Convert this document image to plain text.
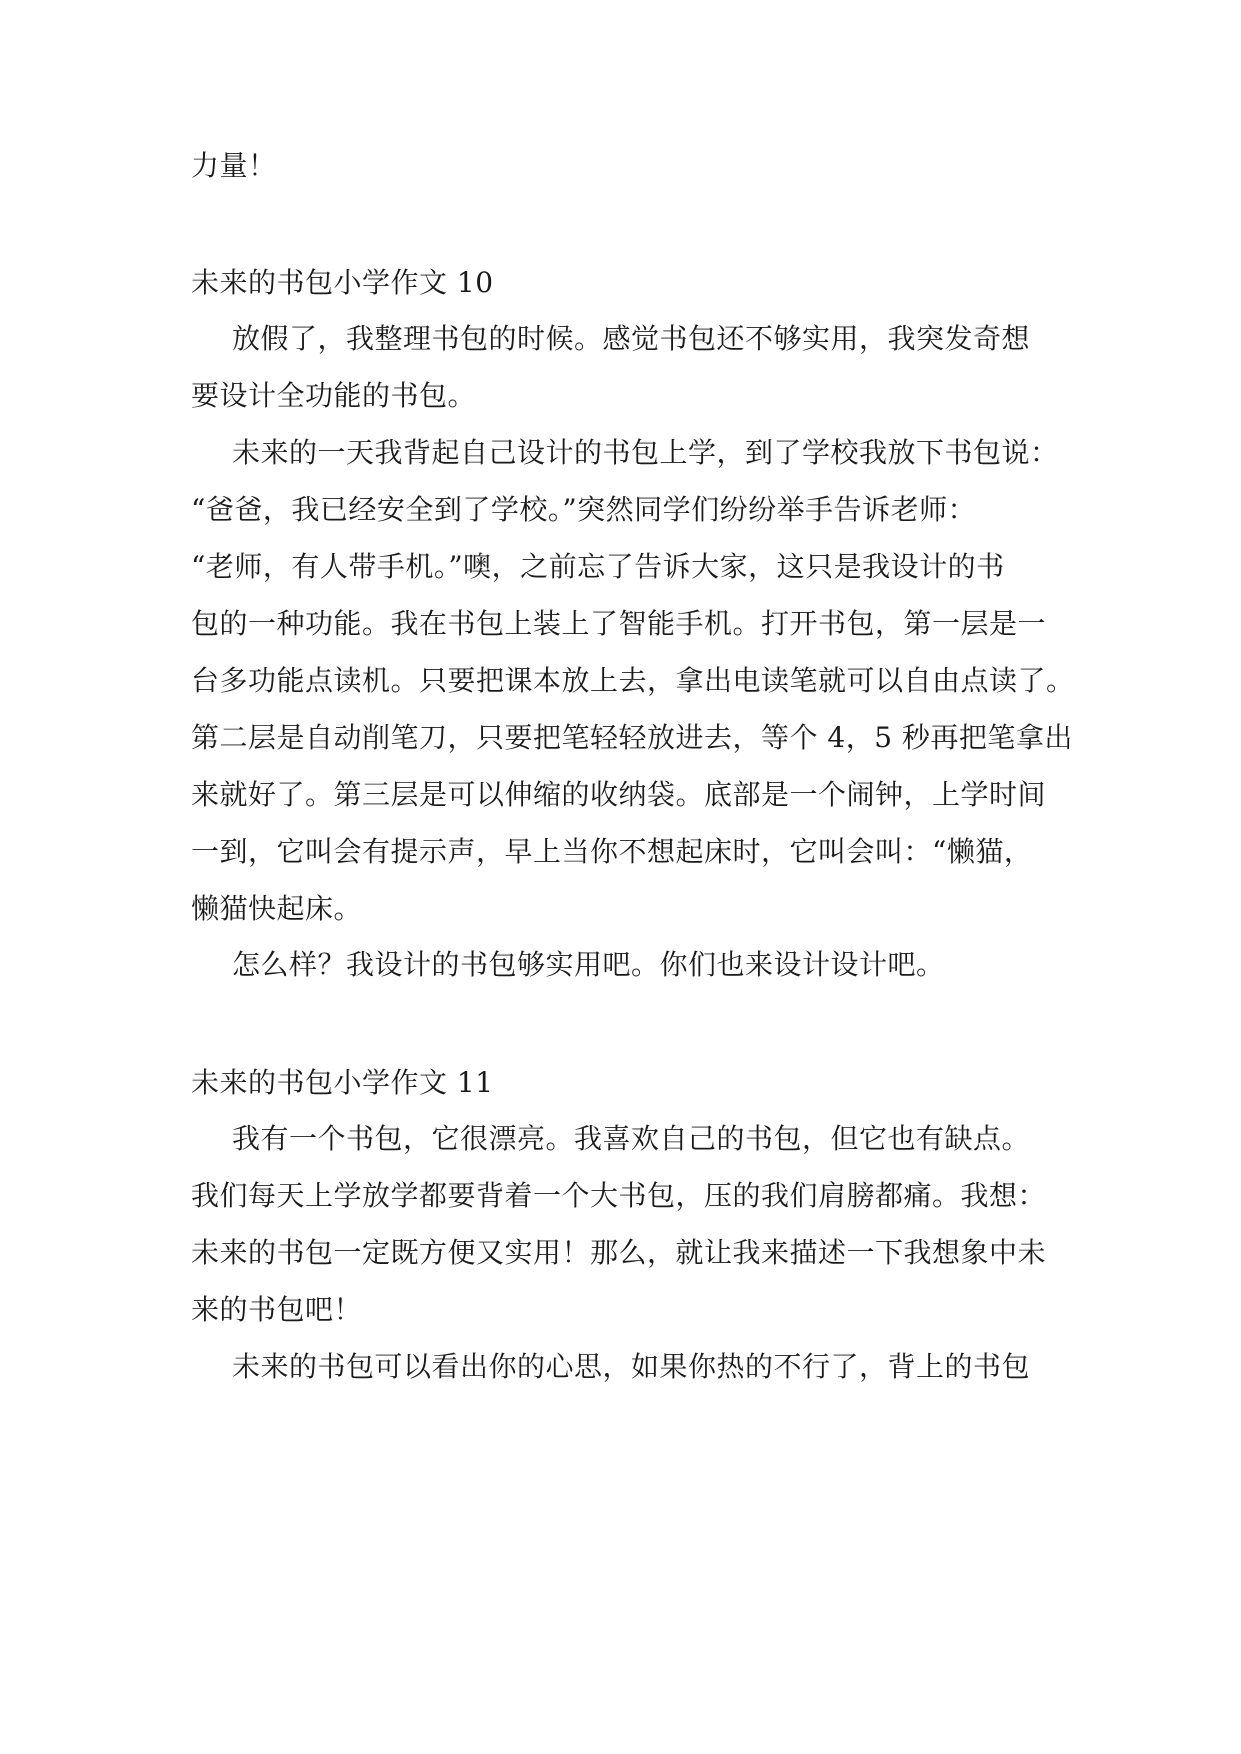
力量！
未来的书包小学作文 10
放假了，我整理书包的时候。感觉书包还不够实用，我突发奇想
要设计全功能的书包。
未来的一天我背起自己设计的书包上学，到了学校我放下书包说：
“爸爸，我已经安全到了学校。”突然同学们纷纷举手告诉老师：
“老师，有人带手机。”噢，之前忘了告诉大家，这只是我设计的书
包的一种功能。我在书包上装上了智能手机。打开书包，第一层是一
台多功能点读机。只要把课本放上去，拿出电读笔就可以自由点读了。
第二层是自动削笔刀，只要把笔轻轻放进去，等个 4，5 秒再把笔拿出
来就好了。第三层是可以伸缩的收纳袋。底部是一个闹钟，上学时间
一到，它叫会有提示声，早上当你不想起床时，它叫会叫：“懒猫，
懒猫快起床。
怎么样？我设计的书包够实用吧。你们也来设计设计吧。
未来的书包小学作文 11
我有一个书包，它很漂亮。我喜欢自己的书包，但它也有缺点。
我们每天上学放学都要背着一个大书包，压的我们肩膀都痛。我想：
未来的书包一定既方便又实用！那么，就让我来描述一下我想象中未
来的书包吧！
未来的书包可以看出你的心思，如果你热的不行了，背上的书包
